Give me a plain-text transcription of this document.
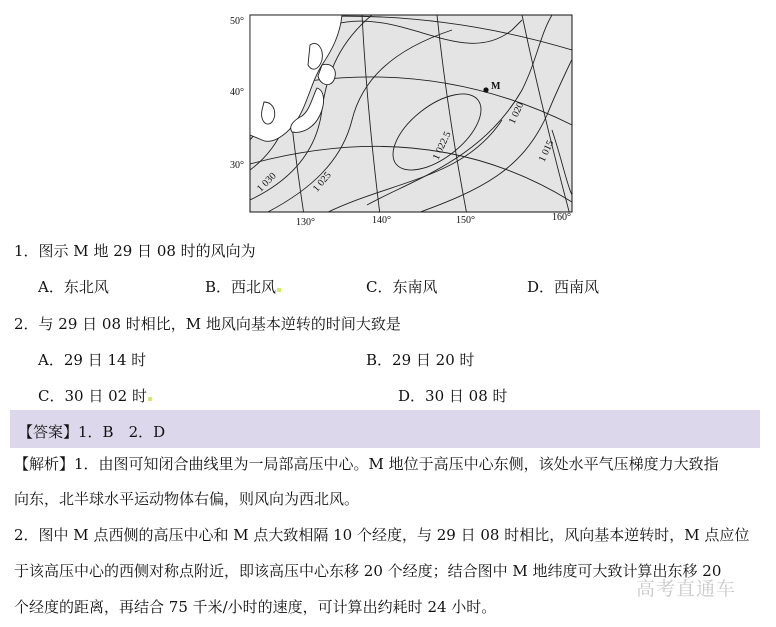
M
50°
40°
30°
130°	140°	150°	160°
1 030	1 025
1 022.5
1 020
1 015
1．图示 M 地 29 日 08 时的风向为
A．东北风	B．西北风	C．东南风	D．西南风
2．与 29 日 08 时相比，M 地风向基本逆转的时间大致是
A．29 日 14 时	B．29 日 20 时
C．30 日 02 时	D．30 日 08 时
【答案】1．B　2．D
【解析】1．由图可知闭合曲线里为一局部高压中心。M 地位于高压中心东侧，该处水平气压梯度力大致指
向东，北半球水平运动物体右偏，则风向为西北风。
2．图中 M 点西侧的高压中心和 M 点大致相隔 10 个经度，与 29 日 08 时相比，风向基本逆转时，M 点应位
于该高压中心的西侧对称点附近，即该高压中心东移 20 个经度；结合图中 M 地纬度可大致计算出东移 20
个经度的距离，再结合 75 千米/小时的速度，可计算出约耗时 24 小时。
高考直通车
